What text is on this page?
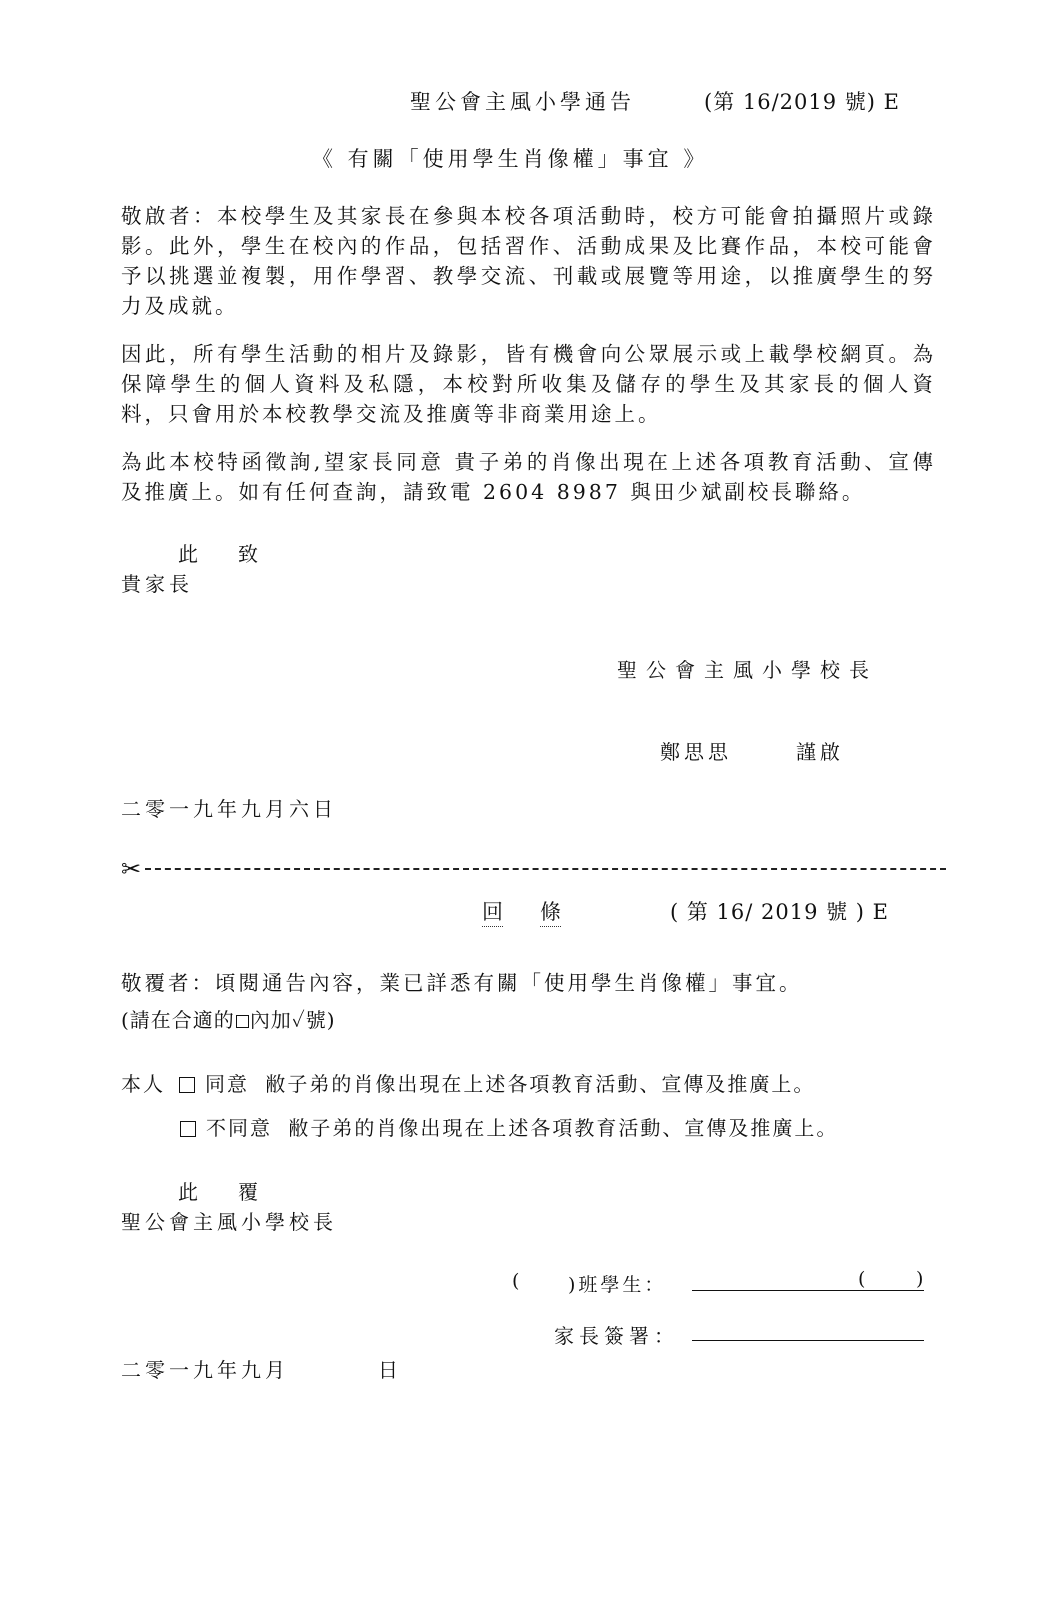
聖公會主風小學通告	(第 16/2019 號) E
《 有關「使用學生肖像權」事宜 》
敬啟者：本校學生及其家長在參與本校各項活動時，校方可能會拍攝照片或錄影。此外，學生在校內的作品，包括習作、活動成果及比賽作品，本校可能會予以挑選並複製，用作學習、教學交流、刊載或展覽等用途，以推廣學生的努力及成就。
因此，所有學生活動的相片及錄影，皆有機會向公眾展示或上載學校網頁。為保障學生的個人資料及私隱，本校對所收集及儲存的學生及其家長的個人資料，只會用於本校教學交流及推廣等非商業用途上。
為此本校特函徵詢,望家長同意 貴子弟的肖像出現在上述各項教育活動、宣傳及推廣上。如有任何查詢，請致電 2604 8987 與田少斌副校長聯絡。
此 致
貴家長
聖公會主風小學校長
鄭思思	謹啟
二零一九年九月六日
✂
回 條	( 第 16/ 2019 號 ) E
敬覆者：頃閱通告內容，業已詳悉有關「使用學生肖像權」事宜。
(請在合適的 內加✓號)
本人 同意 敝子弟的肖像出現在上述各項教育活動、宣傳及推廣上。
不同意 敝子弟的肖像出現在上述各項教育活動、宣傳及推廣上。
此 覆
聖公會主風小學校長
(	)班學生：	(	)
家長簽署：
二零一九年九月	日
